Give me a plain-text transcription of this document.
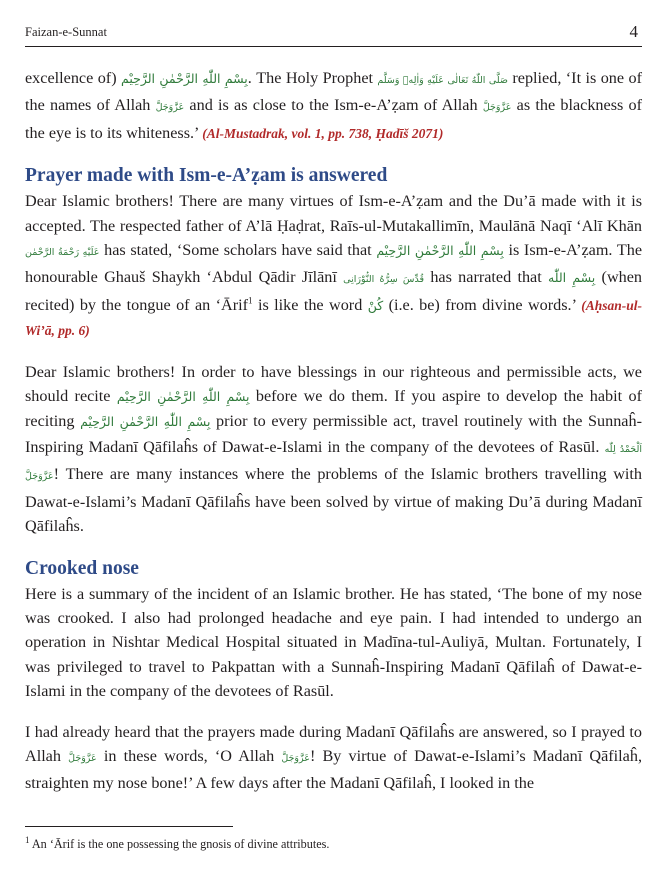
Faizan-e-Sunnat	4

excellence of) بِسْمِ اللّٰهِ الرَّحْمٰنِ الرَّحِيْم. The Holy Prophet صَلَّى اللّٰهُ تَعَالٰى عَلَيْهِ وَاٰلِهٖ وَسَلَّم replied, ‘It is one of the names of Allah عَزَّوَجَلَّ and is as close to the Ism-e-A’ẓam of Allah عَزَّوَجَلَّ as the blackness of the eye is to its whiteness.’ (Al-Mustadrak, vol. 1, pp. 738, Ḥadīš 2071)

Prayer made with Ism-e-A’ẓam is answered

Dear Islamic brothers! There are many virtues of Ism-e-A’ẓam and the Du’ā made with it is accepted. The respected father of A’lā Ḥaḍrat, Raīs-ul-Mutakallimīn, Maulānā Naqī ‘Alī Khān عَلَيْهِ رَحْمَةُ الرَّحْمٰن has stated, ‘Some scholars have said that بِسْمِ اللّٰهِ الرَّحْمٰنِ الرَّحِيْم is Ism-e-A’ẓam. The honourable Ghauš Shaykh ‘Abdul Qādir Jīlānī قُدِّسَ سِرُّهُ النُّوْرَانِى has narrated that بِسْمِ اللّٰه (when recited) by the tongue of an ‘Ārif$^1$ is like the word كُنْ (i.e. be) from divine words.’ (Aḥsan-ul-Wi’ā, pp. 6)

Dear Islamic brothers! In order to have blessings in our righteous and permissible acts, we should recite بِسْمِ اللّٰهِ الرَّحْمٰنِ الرَّحِيْم before we do them. If you aspire to develop the habit of reciting بِسْمِ اللّٰهِ الرَّحْمٰنِ الرَّحِيْم prior to every permissible act, travel routinely with the Sunnaĥ-Inspiring Madanī Qāfilaĥs of Dawat-e-Islami in the company of the devotees of Rasūl. اَلْحَمْدُ لِلّٰه عَزَّوَجَلَّ! There are many instances where the problems of the Islamic brothers travelling with Dawat-e-Islami’s Madanī Qāfilaĥs have been solved by virtue of making Du’ā during Madanī Qāfilaĥs.

Crooked nose

Here is a summary of the incident of an Islamic brother. He has stated, ‘The bone of my nose was crooked. I also had prolonged headache and eye pain. I had intended to undergo an operation in Nishtar Medical Hospital situated in Madīna-tul-Auliyā, Multan. Fortunately, I was privileged to travel to Pakpattan with a Sunnaĥ-Inspiring Madanī Qāfilaĥ of Dawat-e-Islami in the company of the devotees of Rasūl.

I had already heard that the prayers made during Madanī Qāfilaĥs are answered, so I prayed to Allah عَزَّوَجَلَّ in these words, ‘O Allah عَزَّوَجَلَّ! By virtue of Dawat-e-Islami’s Madanī Qāfilaĥ, straighten my nose bone!’ A few days after the Madanī Qāfilaĥ, I looked in the

$^1$ An ‘Ārif is the one possessing the gnosis of divine attributes.
